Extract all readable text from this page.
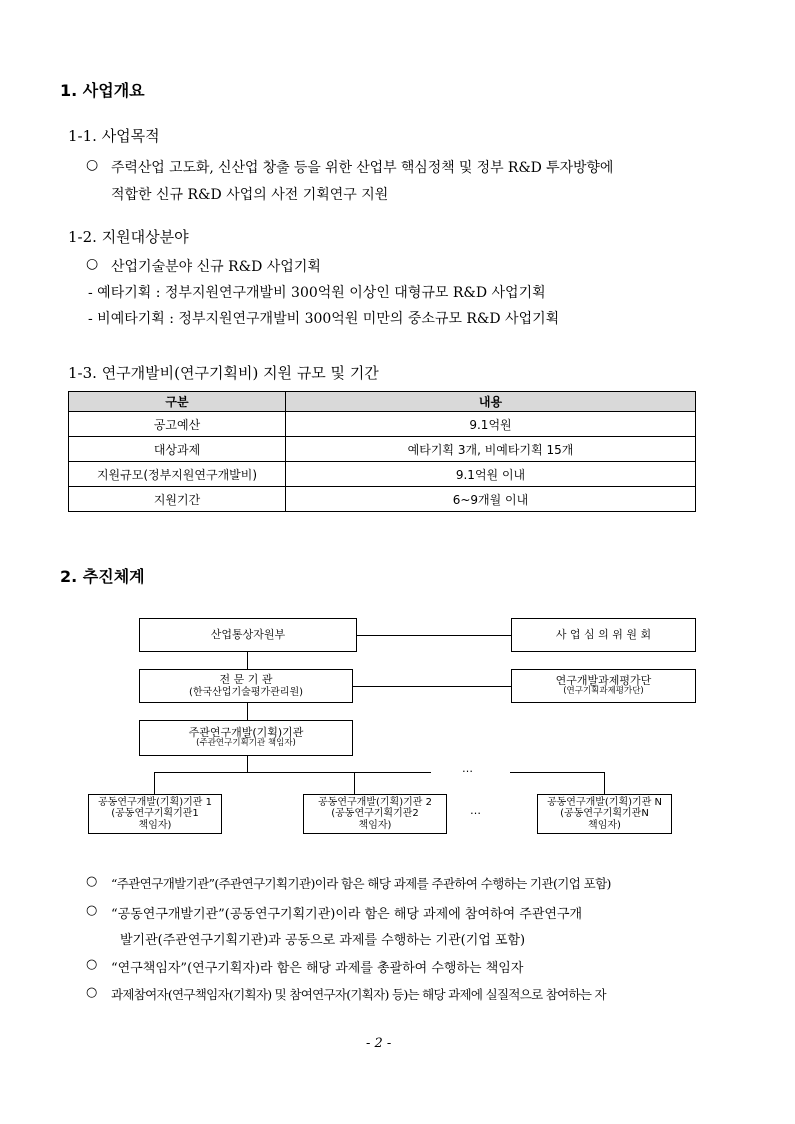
1. 사업개요
1-1. 사업목적
○ 주력산업 고도화, 신산업 창출 등을 위한 산업부 핵심정책 및 정부 R&D 투자방향에
적합한 신규 R&D 사업의 사전 기획연구 지원
1-2. 지원대상분야
○ 산업기술분야 신규 R&D 사업기획
- 예타기획 : 정부지원연구개발비 300억원 이상인 대형규모 R&D 사업기획
- 비예타기획 : 정부지원연구개발비 300억원 미만의 중소규모 R&D 사업기획
1-3. 연구개발비(연구기획비) 지원 규모 및 기간
구분	내용
공고예산	9.1억원
대상과제	예타기획 3개, 비예타기획 15개
지원규모(정부지원연구개발비)	9.1억원 이내
지원기간	6~9개월 이내
2. 추진체계
…
…
산업통상자원부	사 업 심 의 위 원 회
전 문 기 관
(한국산업기술평가관리원)
연구개발과제평가단
(연구기획과제평가단)
주관연구개발(기획)기관
(주관연구기획기관 책임자)
공동연구개발(기획)기관 1
(공동연구기획기관1
책임자)
공동연구개발(기획)기관 2
(공동연구기획기관2
책임자)
공동연구개발(기획)기관 N
(공동연구기획기관N
책임자)
○ “주관연구개발기관”(주관연구기획기관)이라 함은 해당 과제를 주관하여 수행하는 기관(기업 포함)
○ “공동연구개발기관”(공동연구기획기관)이라 함은 해당 과제에 참여하여 주관연구개
발기관(주관연구기획기관)과 공동으로 과제를 수행하는 기관(기업 포함)
○ “연구책임자”(연구기획자)라 함은 해당 과제를 총괄하여 수행하는 책임자
○ 과제참여자(연구책임자(기획자) 및 참여연구자(기획자) 등)는 해당 과제에 실질적으로 참여하는 자
- 2 -
